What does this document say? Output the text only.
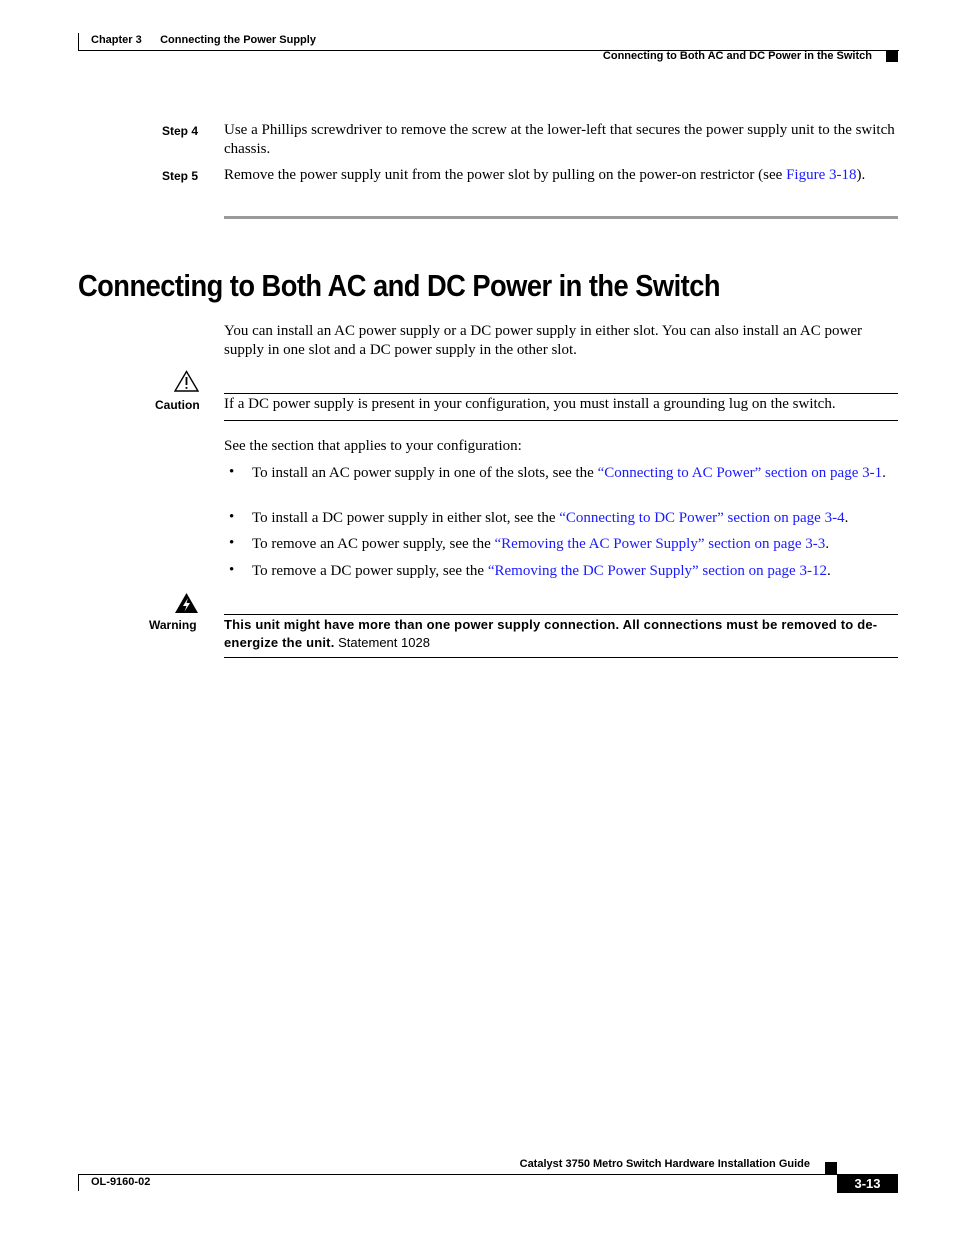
Chapter 3 Connecting the Power Supply
Connecting to Both AC and DC Power in the Switch
Step 4 Use a Phillips screwdriver to remove the screw at the lower-left that secures the power supply unit to the switch chassis.
Step 5 Remove the power supply unit from the power slot by pulling on the power-on restrictor (see Figure 3-18).
Connecting to Both AC and DC Power in the Switch
You can install an AC power supply or a DC power supply in either slot. You can also install an AC power supply in one slot and a DC power supply in the other slot.
Caution If a DC power supply is present in your configuration, you must install a grounding lug on the switch.
See the section that applies to your configuration:
• To install an AC power supply in one of the slots, see the “Connecting to AC Power” section on page 3-1.
• To install a DC power supply in either slot, see the “Connecting to DC Power” section on page 3-4.
• To remove an AC power supply, see the “Removing the AC Power Supply” section on page 3-3.
• To remove a DC power supply, see the “Removing the DC Power Supply” section on page 3-12.
Warning This unit might have more than one power supply connection. All connections must be removed to de-energize the unit. Statement 1028
Catalyst 3750 Metro Switch Hardware Installation Guide
OL-9160-02	3-13
